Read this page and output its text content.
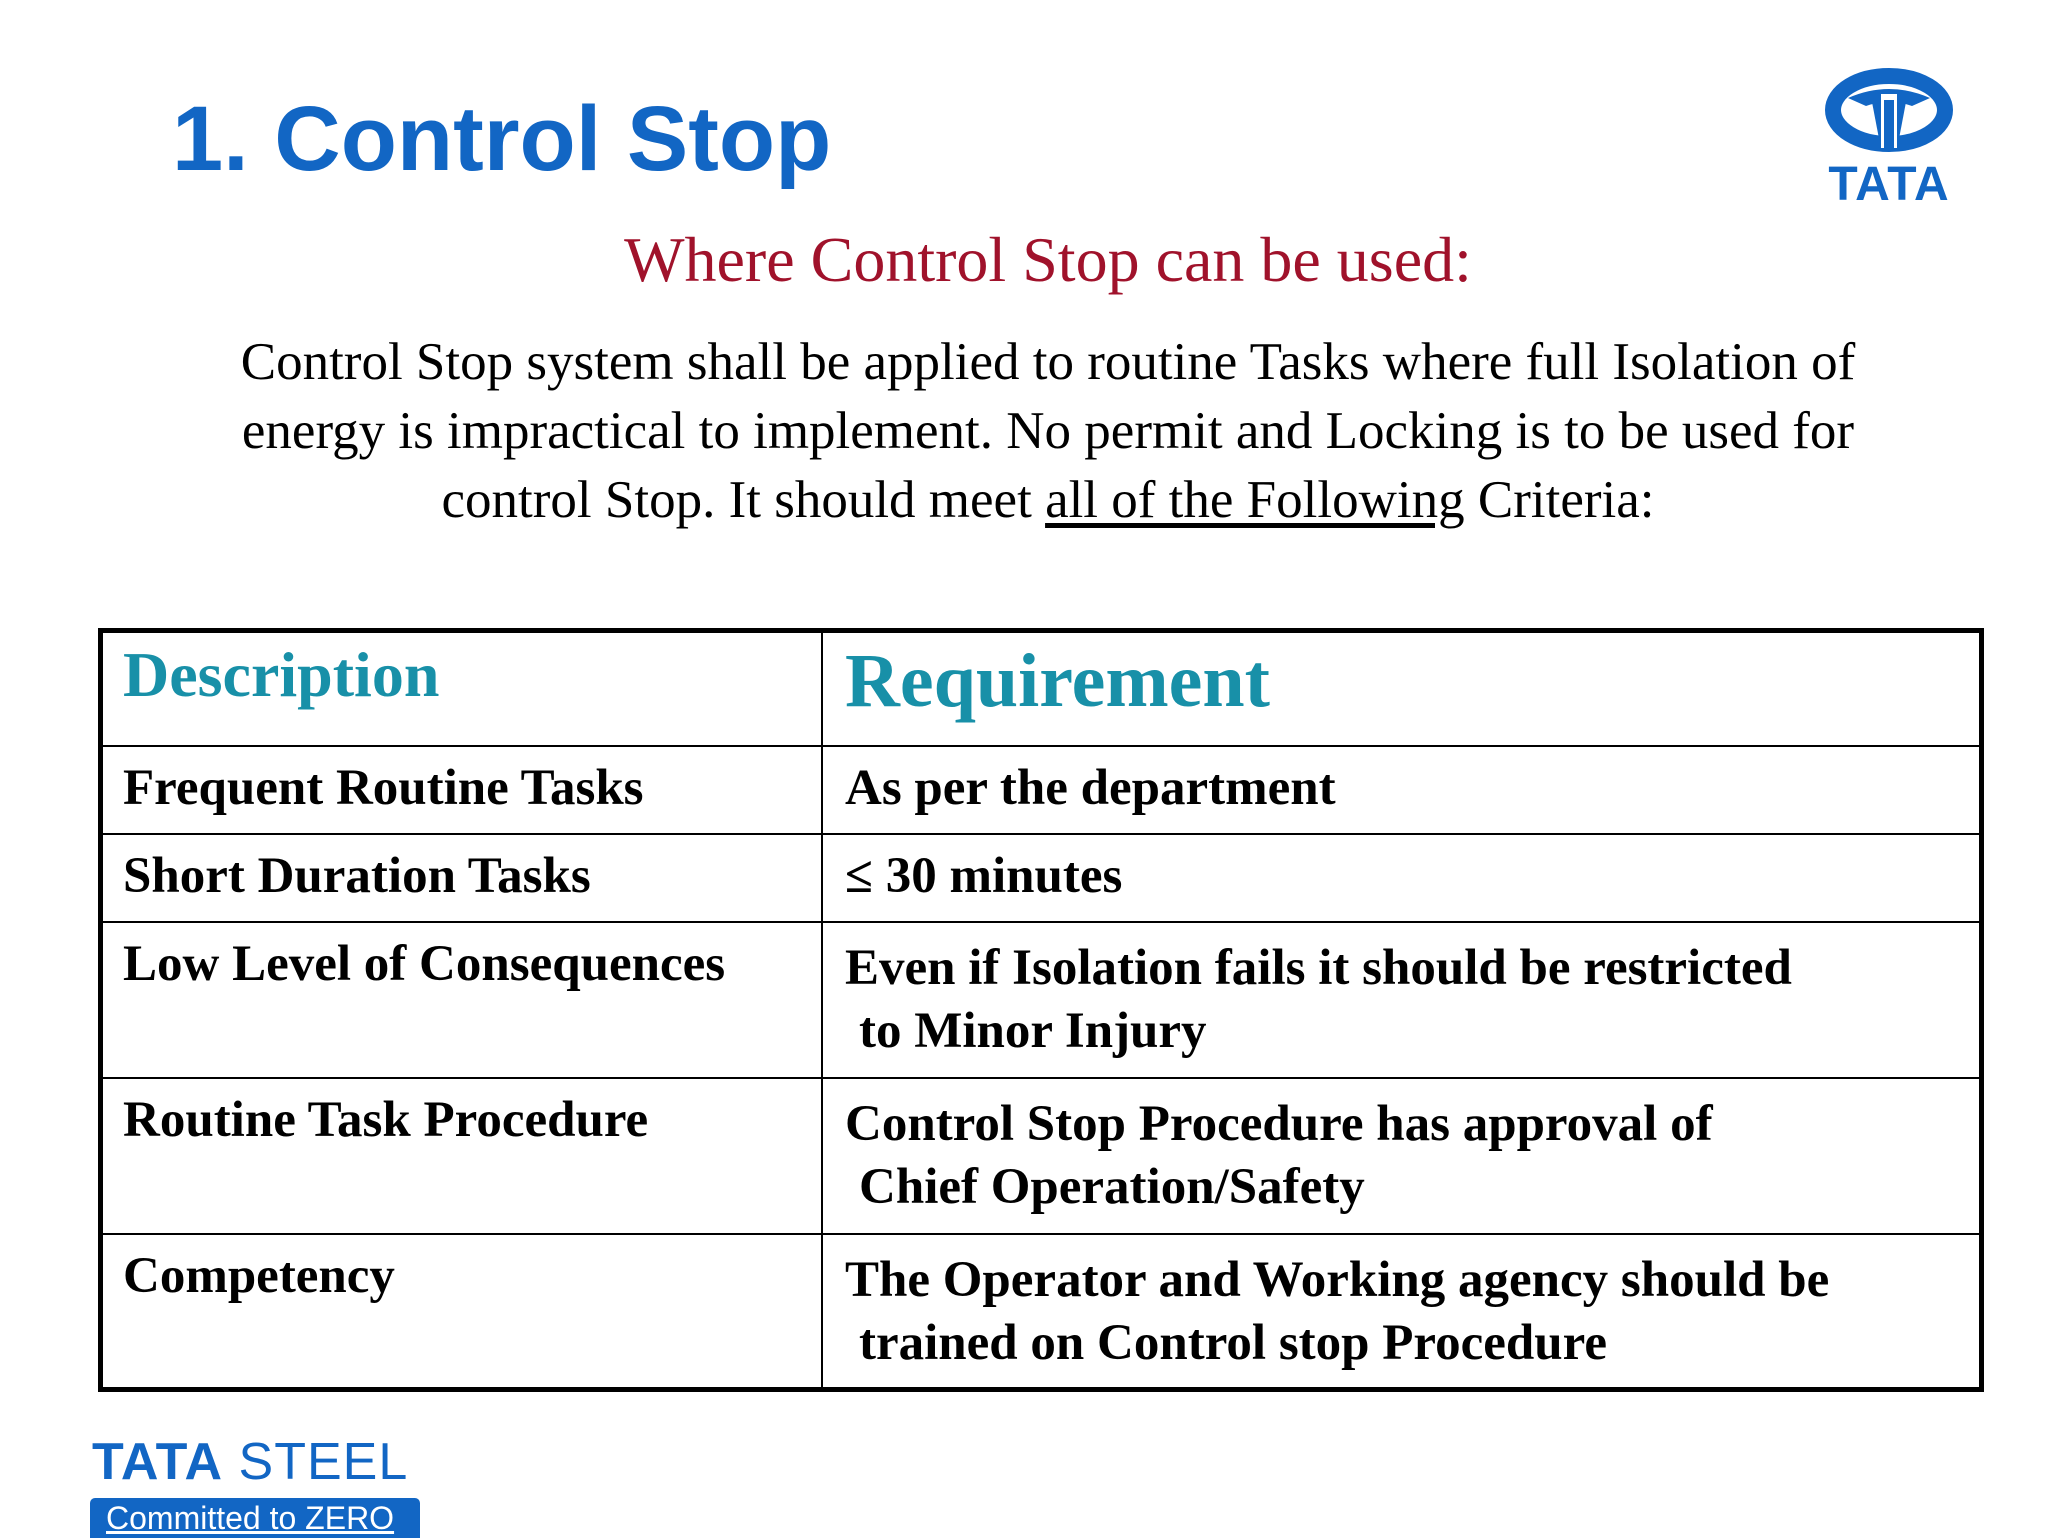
1. Control Stop	TATA
Where Control Stop can be used:

Control Stop system shall be applied to routine Tasks where full Isolation of
energy is impractical to implement. No permit and Locking is to be used for
control Stop. It should meet all of the Following Criteria:

Description	Requirement

Frequent Routine Tasks	As per the department

Short Duration Tasks	≤ 30 minutes

Low Level of Consequences	Even if Isolation fails it should be restricted
to Minor Injury

Routine Task Procedure	Control Stop Procedure has approval of
Chief Operation/Safety

Competency	The Operator and Working agency should be
trained on Control stop Procedure
TATA STEEL
Committed to ZERO
